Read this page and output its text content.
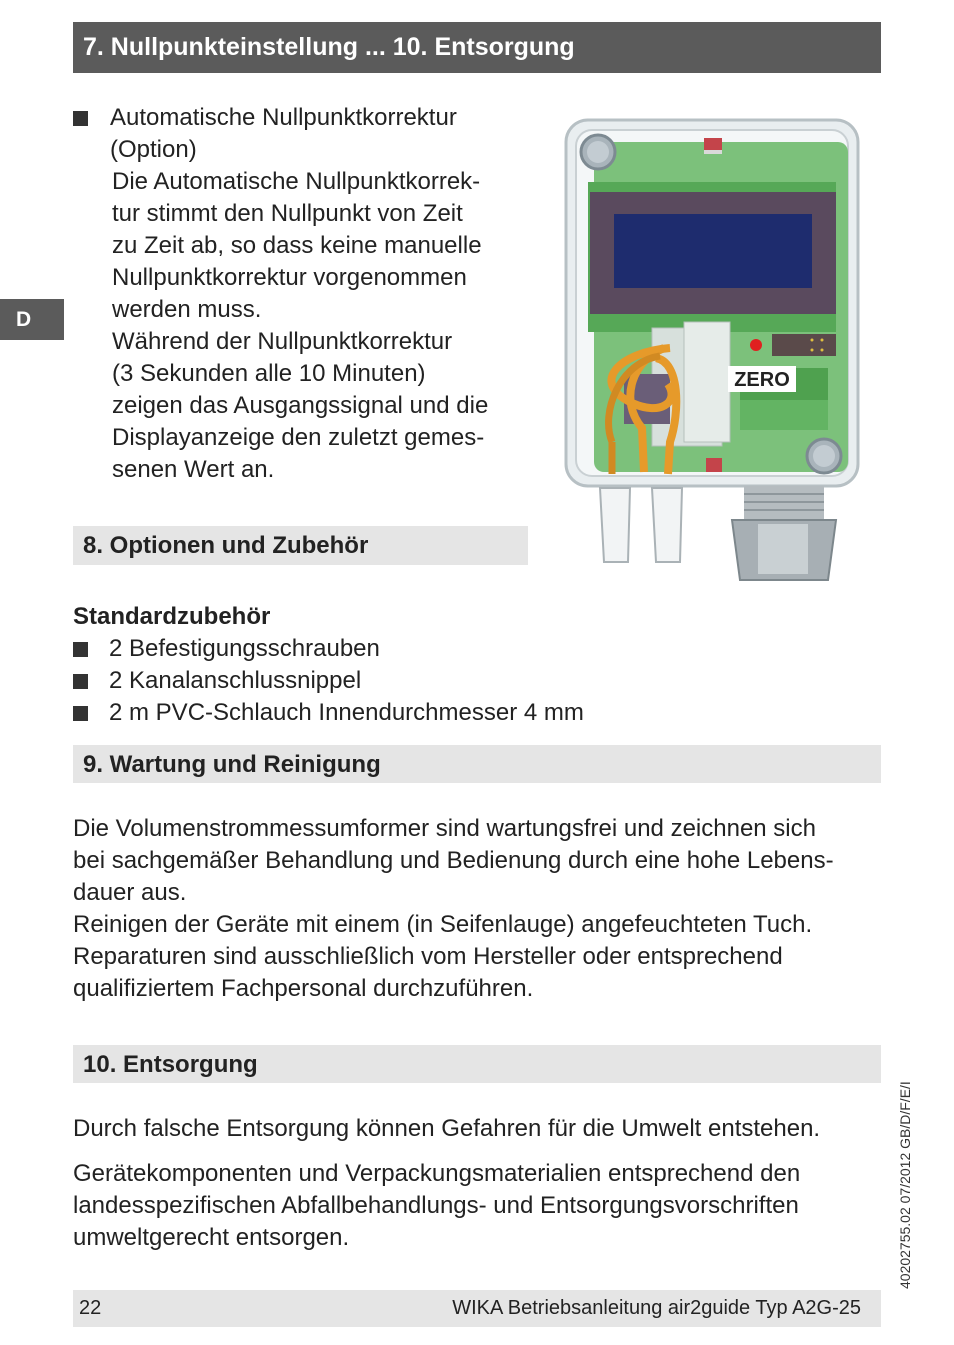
7. Nullpunkteinstellung ... 10. Entsorgung
D
Automatische Nullpunktkorrektur
(Option)
Die Automatische Nullpunktkorrek-
tur stimmt den Nullpunkt von Zeit
zu Zeit ab, so dass keine manuelle
Nullpunktkorrektur vorgenommen
werden muss.
Während der Nullpunktkorrektur
(3 Sekunden alle 10 Minuten)
zeigen das Ausgangssignal und die
Displayanzeige den zuletzt gemes-
senen Wert an.
ZERO
8. Optionen und Zubehör
Standardzubehör
2 Befestigungsschrauben
2 Kanalanschlussnippel
2 m PVC-Schlauch Innendurchmesser 4 mm
9. Wartung und Reinigung
Die Volumenstrommessumformer sind wartungsfrei und zeichnen sich
bei sachgemäßer Behandlung und Bedienung durch eine hohe Lebens-
dauer aus.
Reinigen der Geräte mit einem (in Seifenlauge) angefeuchteten Tuch.
Reparaturen sind ausschließlich vom Hersteller oder entsprechend
qualifiziertem Fachpersonal durchzuführen.
10. Entsorgung
Durch falsche Entsorgung können Gefahren für die Umwelt entstehen.
Gerätekomponenten und Verpackungsmaterialien entsprechend den
landesspezifischen Abfallbehandlungs- und Entsorgungsvorschriften
umweltgerecht entsorgen.	40202755.02 07/2012 GB/D/F/E/I
22	WIKA Betriebsanleitung air2guide Typ A2G-25
